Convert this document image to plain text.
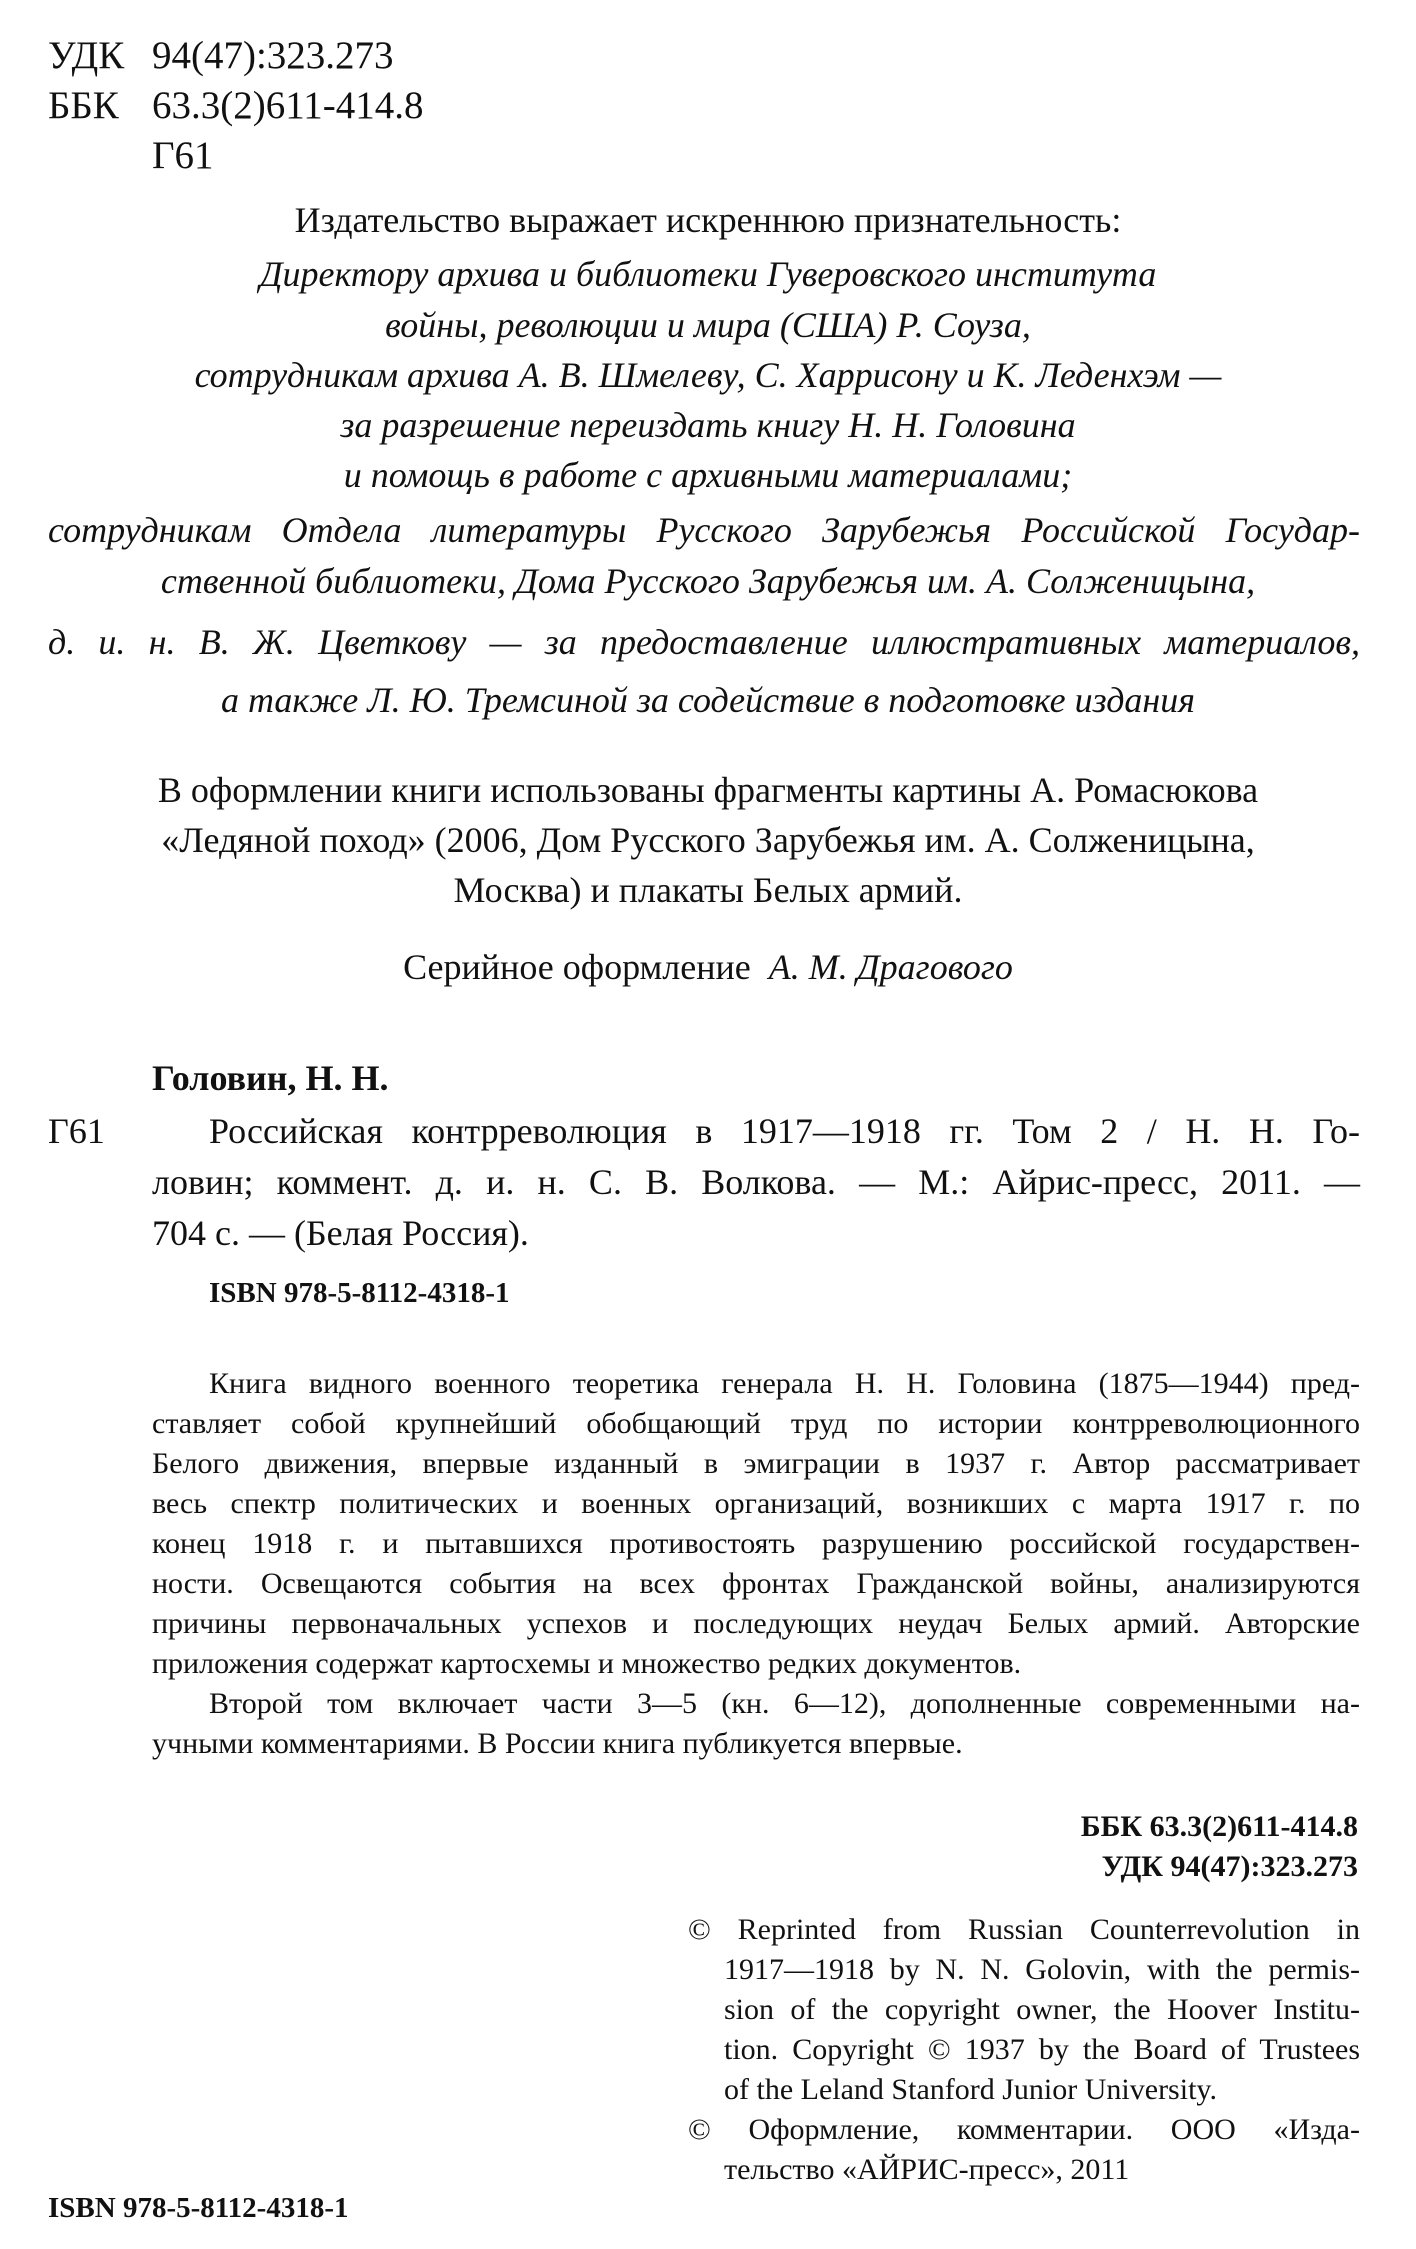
УДК 94(47):323.273
ББК 63.3(2)611-414.8
Г61
Издательство выражает искреннюю признательность:
Директору архива и библиотеки Гуверовского института
войны, революции и мира (США) Р. Соуза,
сотрудникам архива А. В. Шмелеву, С. Харрисону и К. Леденхэм —
за разрешение переиздать книгу Н. Н. Головина
и помощь в работе с архивными материалами;
сотрудникам Отдела литературы Русского Зарубежья Российской Государ-
ственной библиотеки, Дома Русского Зарубежья им. А. Солженицына,
д. и. н. В. Ж. Цветкову — за предоставление иллюстративных материалов,
а также Л. Ю. Тремсиной за содействие в подготовке издания
В оформлении книги использованы фрагменты картины А. Ромасюкова
«Ледяной поход» (2006, Дом Русского Зарубежья им. А. Солженицына,
Москва) и плакаты Белых армий.
Серийное оформление А. М. Драгового
Головин, Н. Н.
Г61	Российская контрреволюция в 1917—1918 гг. Том 2 / Н. Н. Го-
ловин; коммент. д. и. н. С. В. Волкова. — М.: Айрис-пресс, 2011. —
704 с. — (Белая Россия).
ISBN 978-5-8112-4318-1
Книга видного военного теоретика генерала Н. Н. Головина (1875—1944) пред-
ставляет собой крупнейший обобщающий труд по истории контрреволюционного
Белого движения, впервые изданный в эмиграции в 1937 г. Автор рассматривает
весь спектр политических и военных организаций, возникших с марта 1917 г. по
конец 1918 г. и пытавшихся противостоять разрушению российской государствен-
ности. Освещаются события на всех фронтах Гражданской войны, анализируются
причины первоначальных успехов и последующих неудач Белых армий. Авторские
приложения содержат картосхемы и множество редких документов.
Второй том включает части 3—5 (кн. 6—12), дополненные современными на-
учными комментариями. В России книга публикуется впервые.
ББК 63.3(2)611-414.8
УДК 94(47):323.273
© Reprinted from Russian Counterrevolution in
1917—1918 by N. N. Golovin, with the permis-
sion of the copyright owner, the Hoover Institu-
tion. Copyright © 1937 by the Board of Trustees
of the Leland Stanford Junior University.
© Оформление, комментарии. ООО «Изда-
тельство «АЙРИС-пресс», 2011
ISBN 978-5-8112-4318-1
